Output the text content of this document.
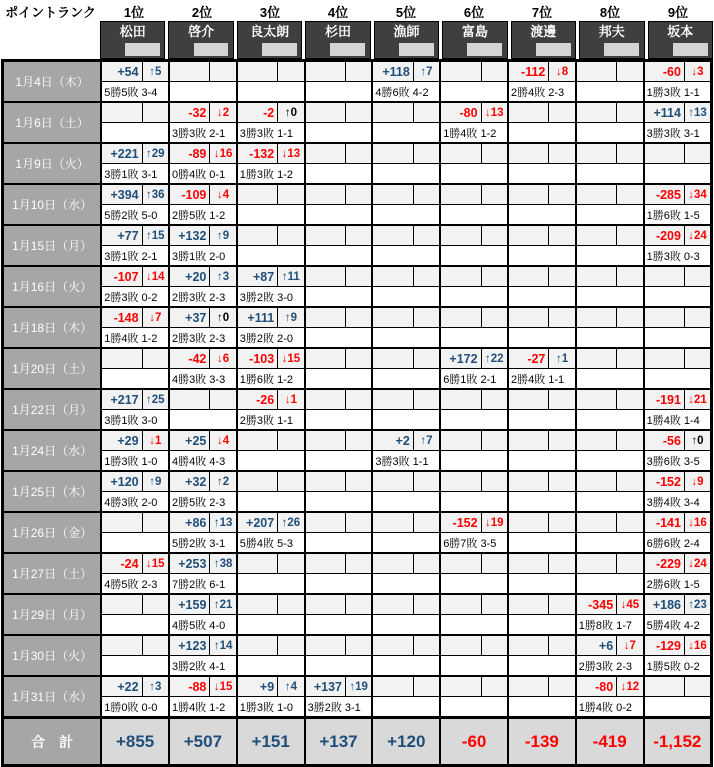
ポイントランク	1位	2位	3位	4位	5位	6位	7位	8位	9位
松田	啓介	良太朗	杉田	漁師	富島	渡邊	邦夫	坂本
1月4日（木）	+54	↑5							+118	↑7			-112	↓8			-60	↓3
	5勝5敗 3-4								4勝6敗 4-2				2勝4敗 2-3				1勝3敗 1-1	
1月6日（土）			-32	↓2	-2	↑0					-80	↓13					+114	↑13
			3勝3敗 2-1		3勝3敗 1-1						1勝4敗 1-2						3勝3敗 3-1	
1月9日（火）	+221	↑29	-89	↓16	-132	↓13												
	3勝1敗 3-1		0勝4敗 0-1		1勝3敗 1-2													
1月10日（水）	+394	↑36	-109	↓4													-285	↓34
	5勝2敗 5-0		2勝5敗 1-2														1勝6敗 1-5	
1月15日（月）	+77	↑15	+132	↑9													-209	↓24
	3勝1敗 2-1		3勝1敗 2-0														1勝3敗 0-3	
1月16日（火）	-107	↓14	+20	↑3	+87	↑11												
	2勝3敗 0-2		2勝3敗 2-3		3勝2敗 3-0													
1月18日（木）	-148	↓7	+37	↑0	+111	↑9												
	1勝4敗 1-2		2勝3敗 2-3		3勝2敗 2-0													
1月20日（土）			-42	↓6	-103	↓15					+172	↑22	-27	↑1				
			4勝3敗 3-3		1勝6敗 1-2						6勝1敗 2-1		2勝4敗 1-1					
1月22日（月）	+217	↑25			-26	↓1											-191	↓21
	3勝1敗 3-0				2勝3敗 1-1												1勝4敗 1-4	
1月24日（水）	+29	↓1	+25	↓4					+2	↑7							-56	↑0
	1勝3敗 1-0		4勝4敗 4-3						3勝3敗 1-1								3勝6敗 3-5	
1月25日（木）	+120	↑9	+32	↑2													-152	↓9
	4勝3敗 2-0		2勝5敗 2-3														3勝4敗 3-4	
1月26日（金）			+86	↑13	+207	↑26					-152	↓19					-141	↓16
			5勝2敗 3-1		5勝4敗 5-3						6勝7敗 3-5						6勝6敗 2-4	
1月27日（土）	-24	↓15	+253	↑38													-229	↓24
	4勝5敗 2-3		7勝2敗 6-1														2勝6敗 1-5	
1月29日（月）			+159	↑21											-345	↓45	+186	↑23
			4勝5敗 4-0												1勝8敗 1-7		5勝4敗 4-2	
1月30日（火）			+123	↑14											+6	↓7	-129	↓16
			3勝2敗 4-1												2勝3敗 2-3		1勝5敗 0-2	
1月31日（水）	+22	↑3	-88	↓15	+9	↑4	+137	↑19							-80	↓12		
	1勝0敗 0-0		1勝4敗 1-2		1勝3敗 1-0		3勝2敗 3-1								1勝4敗 0-2			
合　計	+855		+507		+151		+137		+120		-60		-139		-419		-1,152	
